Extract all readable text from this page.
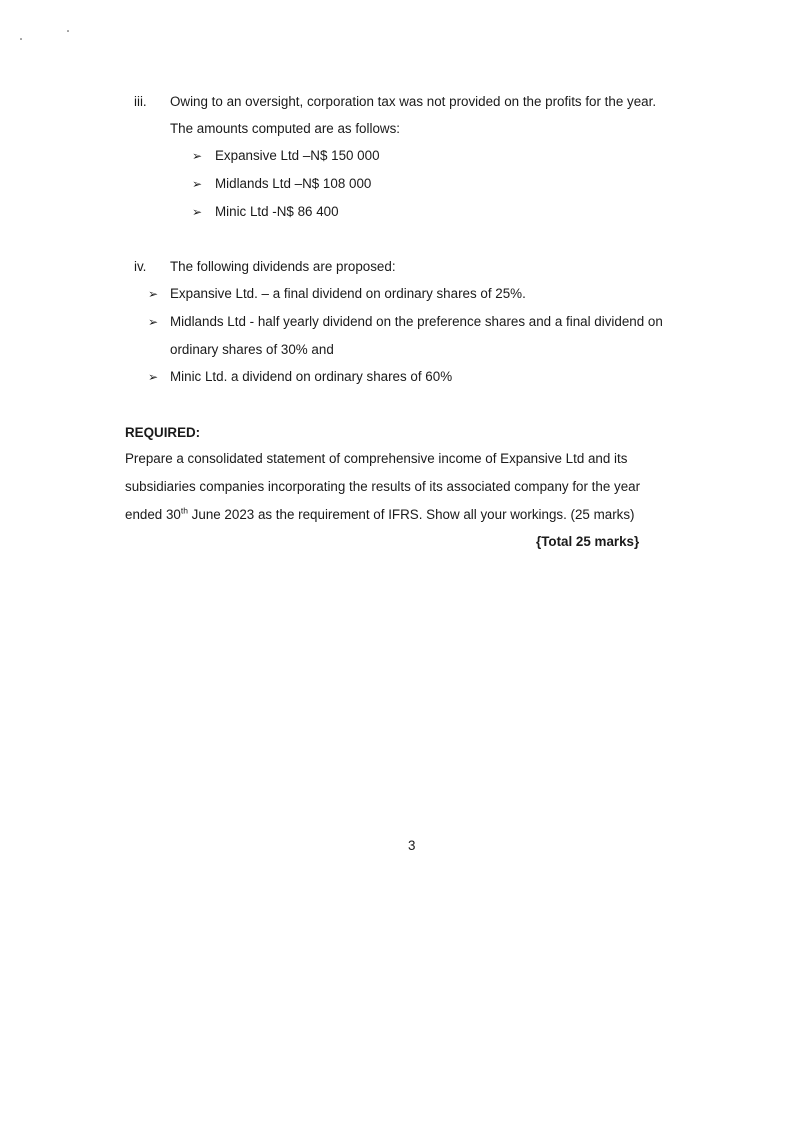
iii. Owing to an oversight, corporation tax was not provided on the profits for the year.
The amounts computed are as follows:
➢ Expansive Ltd –N$ 150 000
➢ Midlands Ltd –N$ 108 000
➢ Minic Ltd -N$ 86 400
iv. The following dividends are proposed:
➢ Expansive Ltd. – a final dividend on ordinary shares of 25%.
➢ Midlands Ltd - half yearly dividend on the preference shares and a final dividend on
ordinary shares of 30% and
➢ Minic Ltd. a dividend on ordinary shares of 60%
REQUIRED:
Prepare a consolidated statement of comprehensive income of Expansive Ltd and its
subsidiaries companies incorporating the results of its associated company for the year
ended 30th June 2023 as the requirement of IFRS. Show all your workings. (25 marks)
{Total 25 marks}
3
